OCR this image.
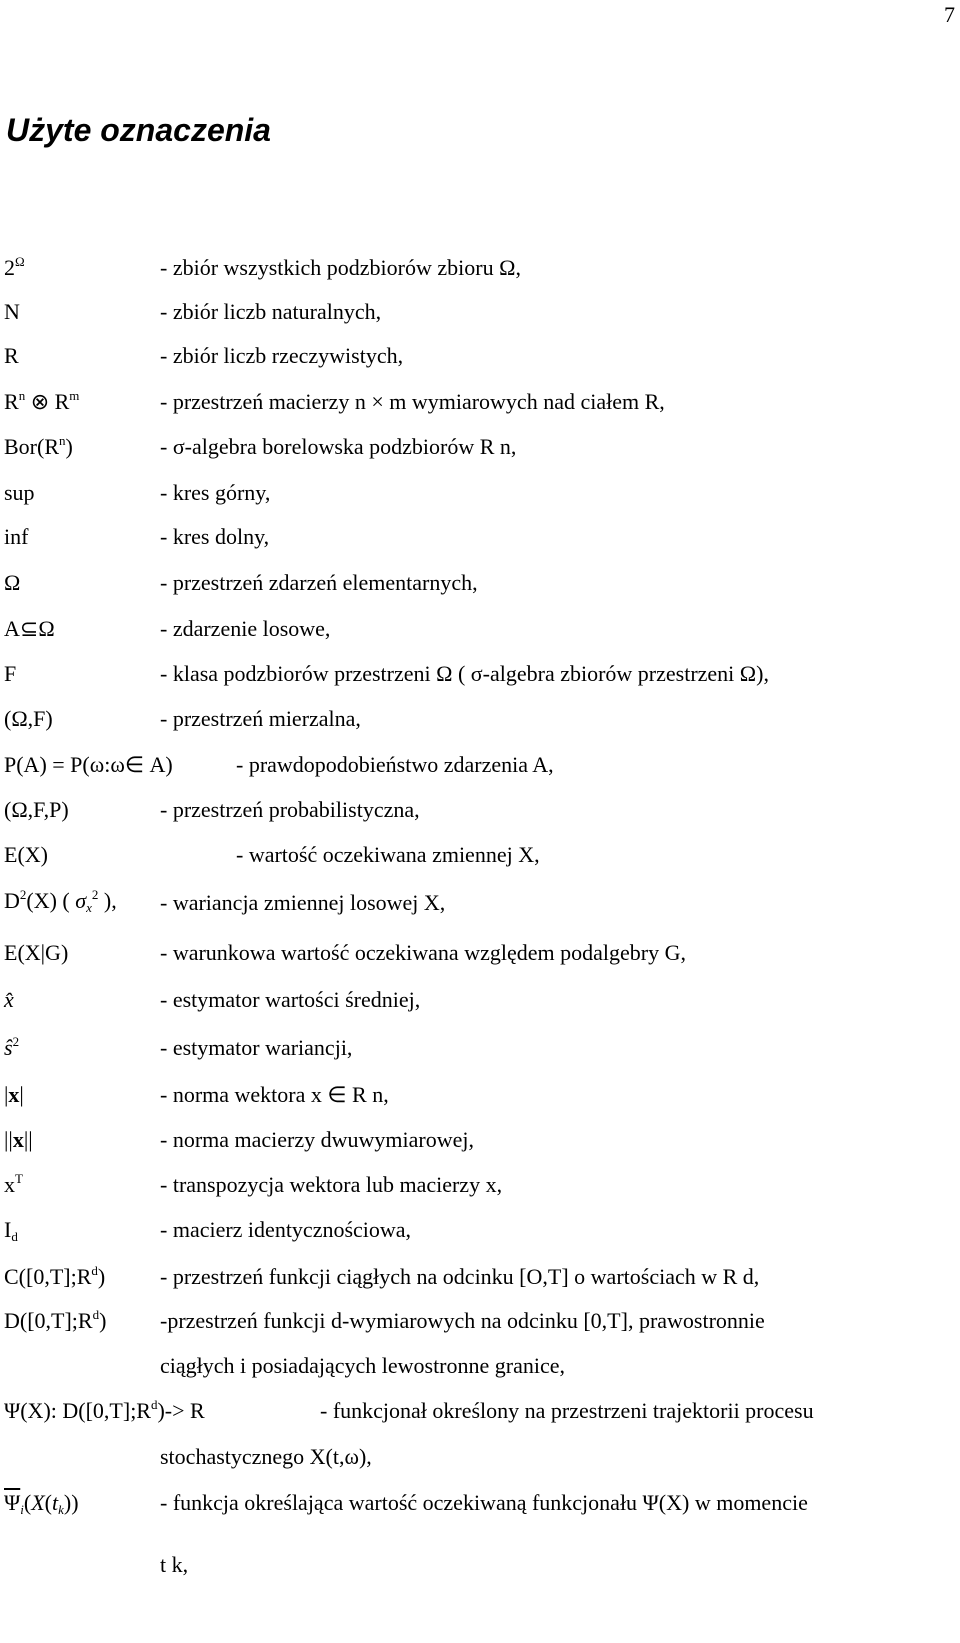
7
Użyte oznaczenia
$2^\Omega$
N
R
$R^n$ ⊗ $R^m$
$Bor(R^n)$
sup
inf
Ω
A⊆Ω
F
(Ω,F)
P(A) = P(ω:ω∈ A)
(Ω,F,P)
E(X)
$D^2(X)$ ( $\sigma_x^2$ ),
E(X|G)
x̂
$ŝ^2$
|x|
||x||
$x^T$
$I_d$
$C([0,T];R^d)$
$D([0,T];R^d)$
Ψ(X): $D([0,T];R^d)-> R$
$\overline{\Psi}_i(X(t_k))$
- zbiór wszystkich podzbiorów zbioru Ω,
- zbiór liczb naturalnych,
- zbiór liczb rzeczywistych,
- przestrzeń macierzy n × m wymiarowych nad ciałem R,
- σ-algebra borelowska podzbiorów R n,
- kres górny,
- kres dolny,
- przestrzeń zdarzeń elementarnych,
- zdarzenie losowe,
- klasa podzbiorów przestrzeni Ω ( σ-algebra zbiorów przestrzeni Ω),
- przestrzeń mierzalna,
- prawdopodobieństwo zdarzenia A,
- przestrzeń probabilistyczna,
- wartość oczekiwana zmiennej X,
- wariancja zmiennej losowej X,
- warunkowa wartość oczekiwana względem podalgebry G,
- estymator wartości średniej,
- estymator wariancji,
- norma wektora x ∈ R n,
- norma macierzy dwuwymiarowej,
- transpozycja wektora lub macierzy x,
- macierz identycznościowa,
- przestrzeń funkcji ciągłych na odcinku [O,T] o wartościach w R d,
-przestrzeń funkcji d-wymiarowych na odcinku [0,T], prawostronnie
ciągłych i posiadających lewostronne granice,
- funkcjonał określony na przestrzeni trajektorii procesu
stochastycznego X(t,ω),
- funkcja określająca wartość oczekiwaną funkcjonału Ψ(X) w momencie
t k,
